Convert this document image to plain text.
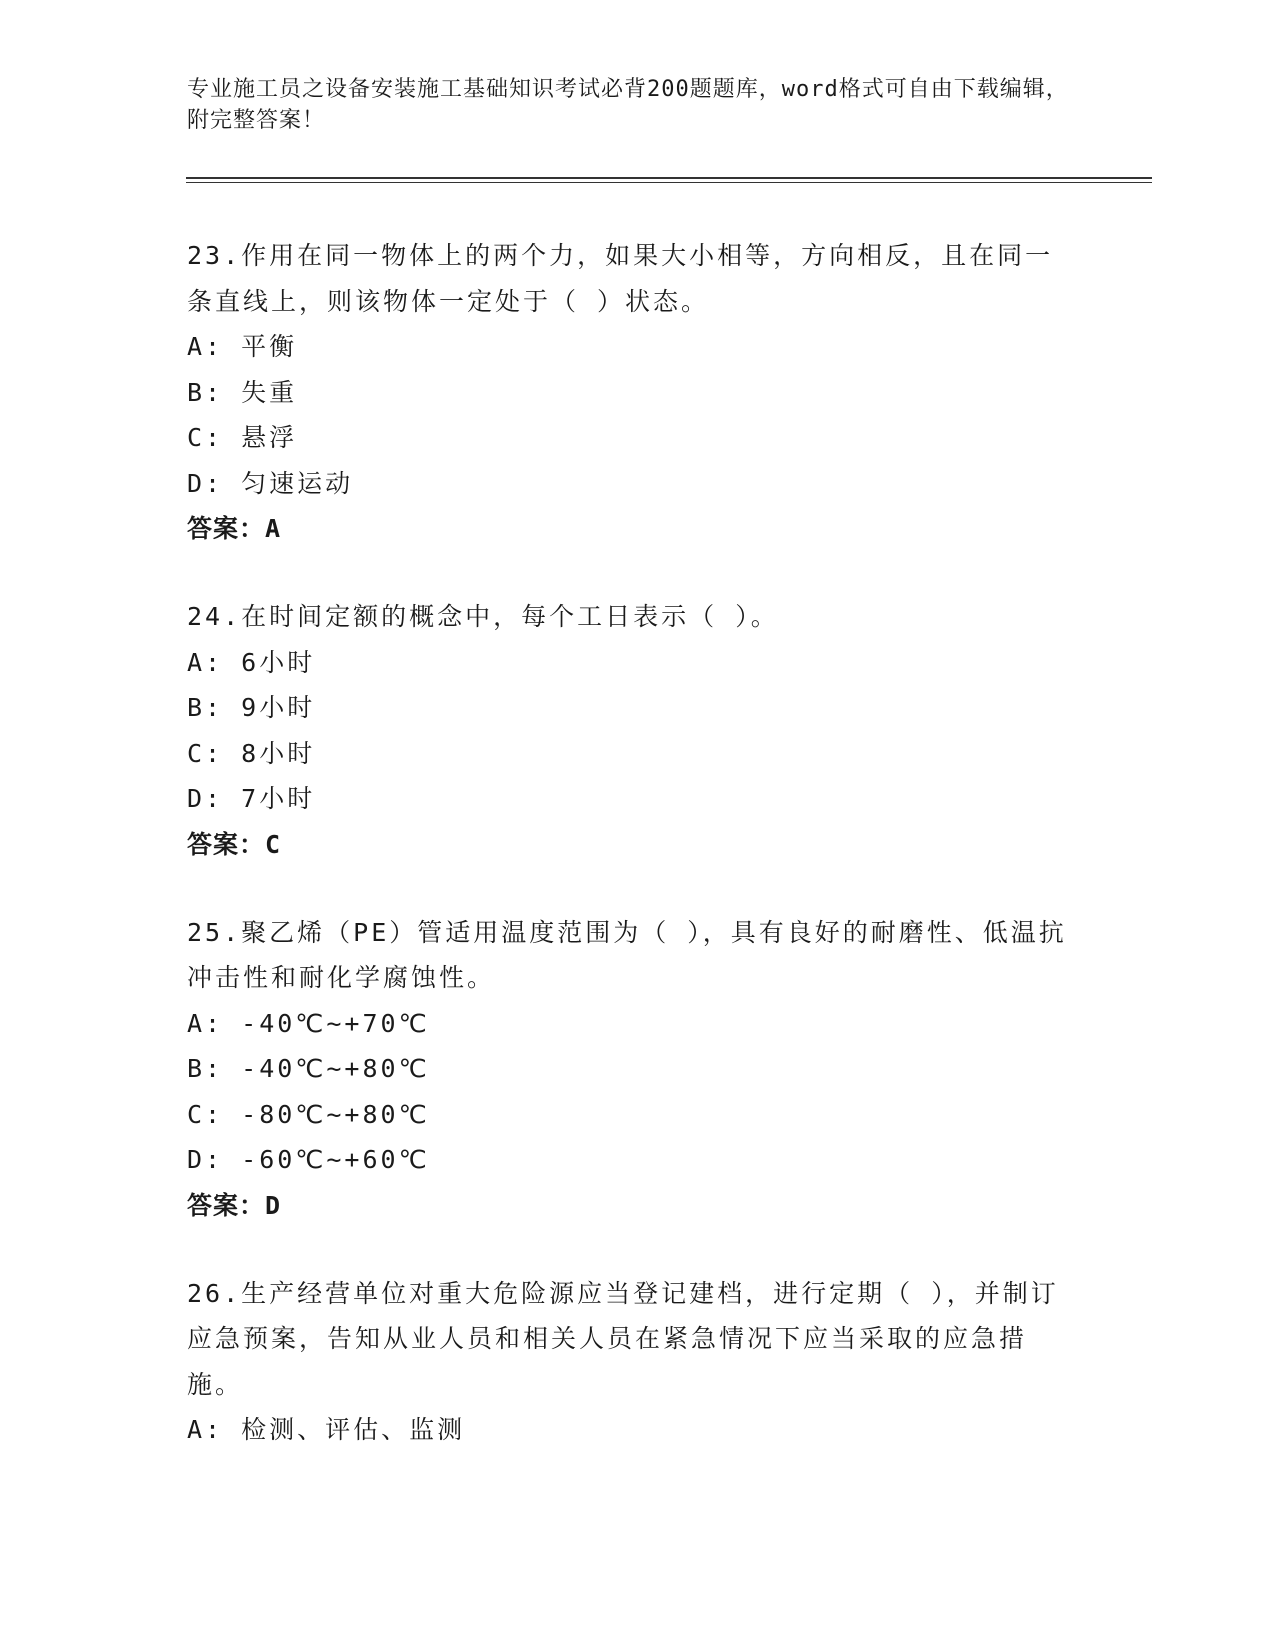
专业施工员之设备安装施工基础知识考试必背200题题库，word格式可自由下载编辑，附完整答案！

23.作用在同一物体上的两个力，如果大小相等，方向相反，且在同一条直线上，则该物体一定处于（ ）状态。

A: 平衡

B: 失重

C: 悬浮

D: 匀速运动

答案：A

24.在时间定额的概念中，每个工日表示（ ）。

A: 6小时

B: 9小时

C: 8小时

D: 7小时

答案：C

25.聚乙烯（PE）管适用温度范围为（ ），具有良好的耐磨性、低温抗冲击性和耐化学腐蚀性。

A: -40℃~+70℃

B: -40℃~+80℃

C: -80℃~+80℃

D: -60℃~+60℃

答案：D

26.生产经营单位对重大危险源应当登记建档，进行定期（ ），并制订应急预案，告知从业人员和相关人员在紧急情况下应当采取的应急措施。

A: 检测、评估、监测
